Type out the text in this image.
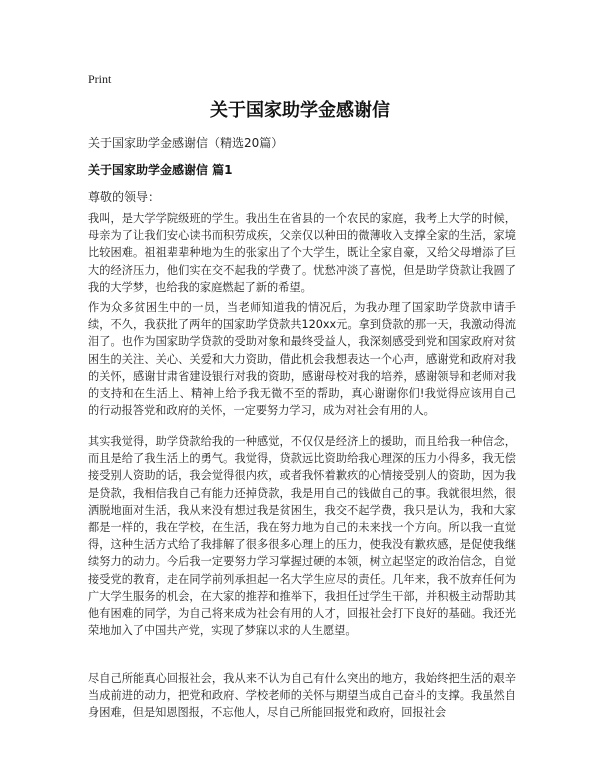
Print
关于国家助学金感谢信
关于国家助学金感谢信（精选20篇）
关于国家助学金感谢信 篇1
尊敬的领导：

我叫，是大学学院级班的学生。我出生在省县的一个农民的家庭，我考上大学的时候，母亲为了让我们安心读书而积劳成疾，父亲仅以种田的微薄收入支撑全家的生活，家境比较困难。祖祖辈辈种地为生的张家出了个大学生，既让全家自豪，又给父母增添了巨大的经济压力，他们实在交不起我的学费了。忧愁冲淡了喜悦，但是助学贷款让我圆了我的大学梦，也给我的家庭燃起了新的希望。

作为众多贫困生中的一员，当老师知道我的情况后，为我办理了国家助学贷款申请手续，不久，我获批了两年的国家助学贷款共120xx元。拿到贷款的那一天，我激动得流泪了。也作为国家助学贷款的受助对象和最终受益人，我深刻感受到党和国家政府对贫困生的关注、关心、关爱和大力资助，借此机会我想表达一个心声，感谢党和政府对我的关怀，感谢甘肃省建设银行对我的资助，感谢母校对我的培养，感谢领导和老师对我的支持和在生活上、精神上给予我无微不至的帮助，真心谢谢你们!我觉得应该用自己的行动报答党和政府的关怀，一定要努力学习，成为对社会有用的人。

其实我觉得，助学贷款给我的一种感觉，不仅仅是经济上的援助，而且给我一种信念，而且是给了我生活上的勇气。我觉得，贷款远比资助给我心理深的压力小得多，我无偿接受别人资助的话，我会觉得很内疚，或者我怀着歉疚的心情接受别人的资助，因为我是贷款，我相信我自己有能力还掉贷款，我是用自己的钱做自己的事。我就很坦然，很洒脱地面对生活，我从来没有想过我是贫困生，我交不起学费，我只是认为，我和大家都是一样的，我在学校，在生活，我在努力地为自己的未来找一个方向。所以我一直觉得，这种生活方式给了我排解了很多很多心理上的压力，使我没有歉疚感，是促使我继续努力的动力。今后我一定要努力学习掌握过硬的本领，树立起坚定的政治信念，自觉接受党的教育，走在同学前列承担起一名大学生应尽的责任。几年来，我不放弃任何为广大学生服务的机会，在大家的推荐和推举下，我担任过学生干部，并积极主动帮助其他有困难的同学，为自己将来成为社会有用的人才，回报社会打下良好的基础。我还光荣地加入了中国共产党，实现了梦寐以求的人生愿望。

尽自己所能真心回报社会，我从来不认为自己有什么突出的地方，我始终把生活的艰辛当成前进的动力，把党和政府、学校老师的关怀与期望当成自己奋斗的支撑。我虽然自身困难，但是知恩图报，不忘他人，尽自己所能回报党和政府，回报社会
